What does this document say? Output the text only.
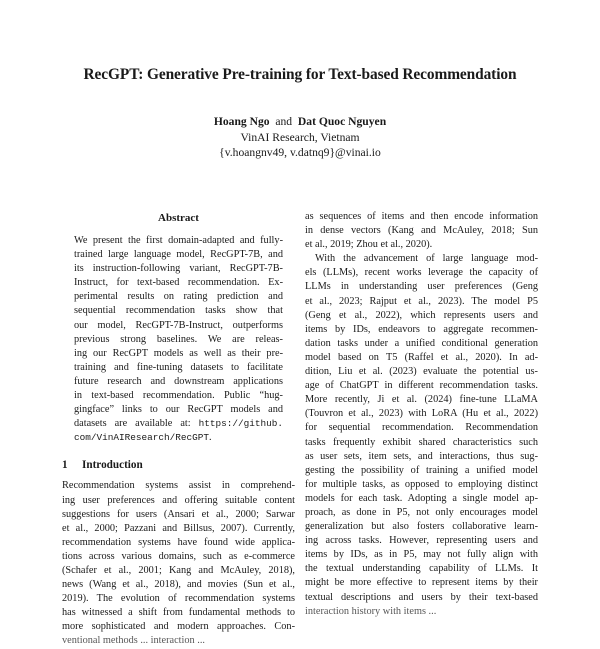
RecGPT: Generative Pre-training for Text-based Recommendation
Hoang Ngo and Dat Quoc Nguyen
VinAI Research, Vietnam
{v.hoangnv49, v.datnq9}@vinai.io
Abstract
We present the first domain-adapted and fully-
trained large language model, RecGPT-7B, and
its instruction-following variant, RecGPT-7B-
Instruct, for text-based recommendation. Ex-
perimental results on rating prediction and
sequential recommendation tasks show that
our model, RecGPT-7B-Instruct, outperforms
previous strong baselines. We are releas-
ing our RecGPT models as well as their pre-
training and fine-tuning datasets to facilitate
future research and downstream applications
in text-based recommendation. Public “hug-
gingface” links to our RecGPT models and
datasets are available at: https://github.
com/VinAIResearch/RecGPT.
1 Introduction
Recommendation systems assist in comprehend-
ing user preferences and offering suitable content
suggestions for users (Ansari et al., 2000; Sarwar
et al., 2000; Pazzani and Billsus, 2007). Currently,
recommendation systems have found wide applica-
tions across various domains, such as e-commerce
(Schafer et al., 2001; Kang and McAuley, 2018),
news (Wang et al., 2018), and movies (Sun et al.,
2019). The evolution of recommendation systems
has witnessed a shift from fundamental methods to
more sophisticated and modern approaches. Con-
ventional methods ... interaction ...
as sequences of items and then encode information
in dense vectors (Kang and McAuley, 2018; Sun
et al., 2019; Zhou et al., 2020).
With the advancement of large language mod-
els (LLMs), recent works leverage the capacity of
LLMs in understanding user preferences (Geng
et al., 2023; Rajput et al., 2023). The model P5
(Geng et al., 2022), which represents users and
items by IDs, endeavors to aggregate recommen-
dation tasks under a unified conditional generation
model based on T5 (Raffel et al., 2020). In ad-
dition, Liu et al. (2023) evaluate the potential us-
age of ChatGPT in different recommendation tasks.
More recently, Ji et al. (2024) fine-tune LLaMA
(Touvron et al., 2023) with LoRA (Hu et al., 2022)
for sequential recommendation. Recommendation
tasks frequently exhibit shared characteristics such
as user sets, item sets, and interactions, thus sug-
gesting the possibility of training a unified model
for multiple tasks, as opposed to employing distinct
models for each task. Adopting a single model ap-
proach, as done in P5, not only encourages model
generalization but also fosters collaborative learn-
ing across tasks. However, representing users and
items by IDs, as in P5, may not fully align with
the textual understanding capability of LLMs. It
might be more effective to represent items by their
textual descriptions and users by their text-based
interaction history with items ...
